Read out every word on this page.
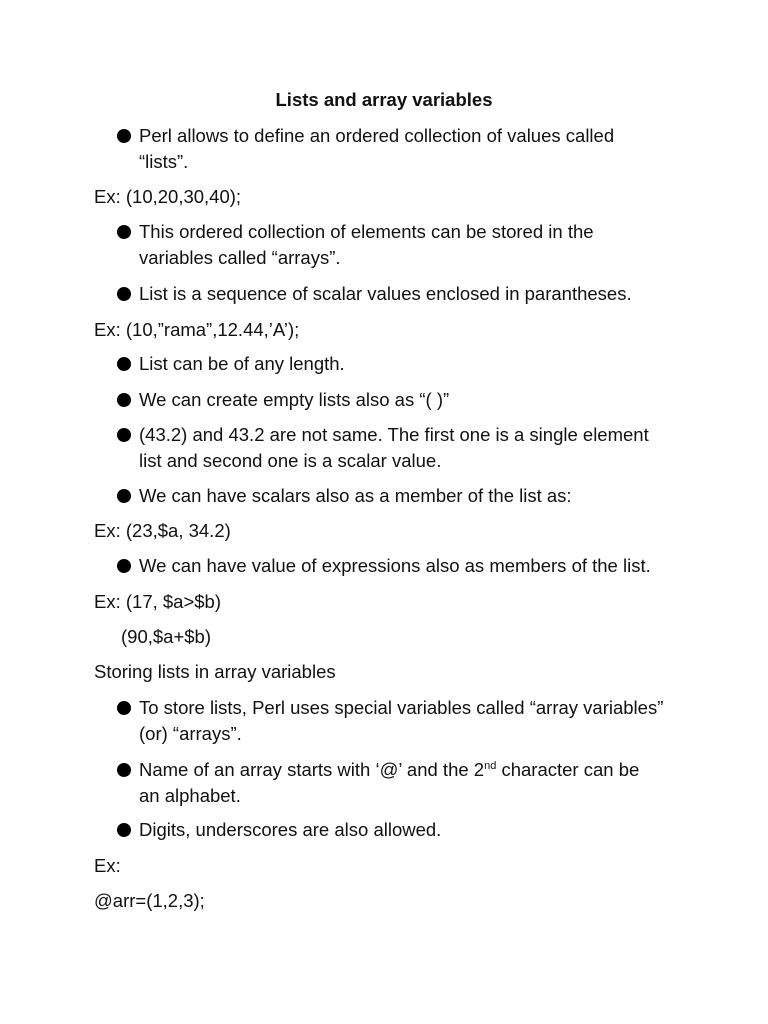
Lists and array variables
Perl allows to define an ordered collection of values called
“lists”.
Ex: (10,20,30,40);
This ordered collection of elements can be stored in the
variables called “arrays”.
List is a sequence of scalar values enclosed in parantheses.
Ex: (10,”rama”,12.44,’A’);
List can be of any length.
We can create empty lists also as “( )”
(43.2) and 43.2 are not same. The first one is a single element
list and second one is a scalar value.
We can have scalars also as a member of the list as:
Ex: (23,$a, 34.2)
We can have value of expressions also as members of the list.
Ex: (17, $a>$b)
(90,$a+$b)
Storing lists in array variables
To store lists, Perl uses special variables called “array variables”
(or) “arrays”.
Name of an array starts with ‘@’ and the 2nd character can be
an alphabet.
Digits, underscores are also allowed.
Ex:
@arr=(1,2,3);
